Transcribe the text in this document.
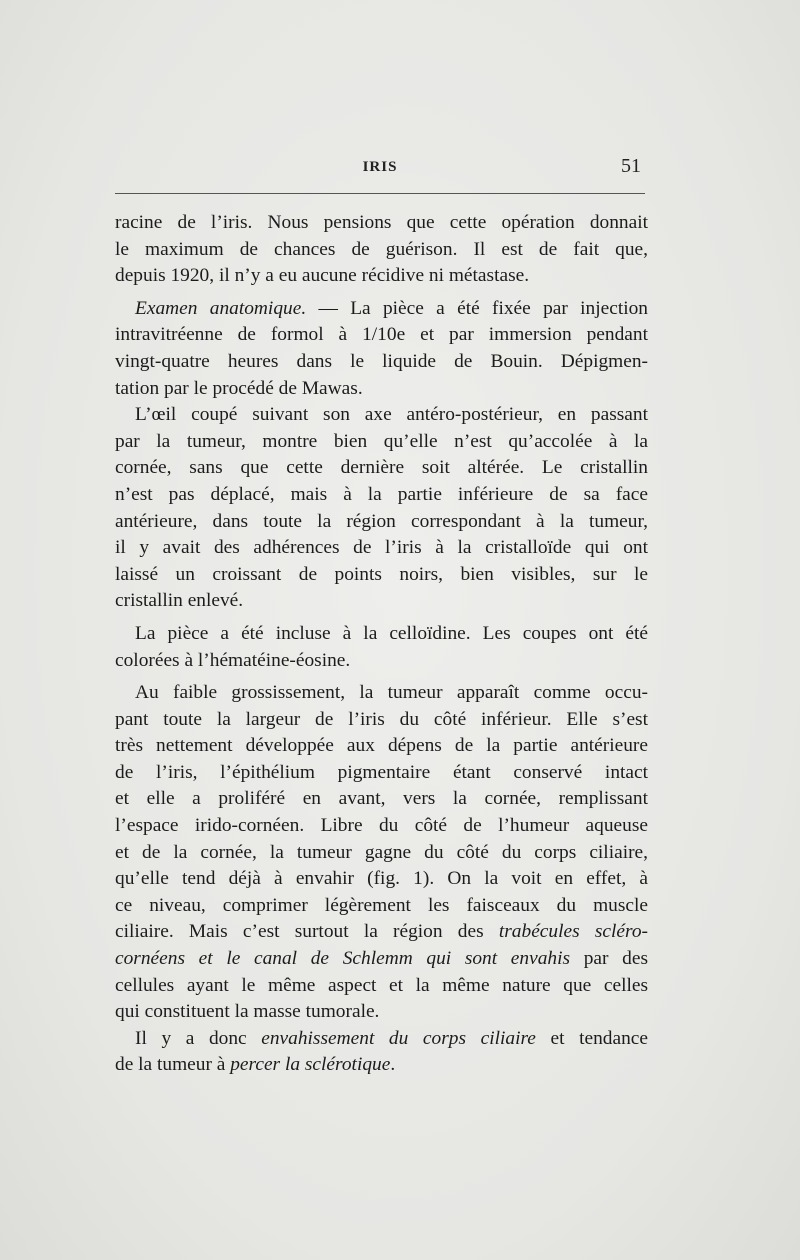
IRIS	51
racine de l’iris. Nous pensions que cette opération donnait
le maximum de chances de guérison. Il est de fait que,
depuis 1920, il n’y a eu aucune récidive ni métastase.
Examen anatomique. — La pièce a été fixée par injection
intravitréenne de formol à 1/10e et par immersion pendant
vingt-quatre heures dans le liquide de Bouin. Dépigmen-
tation par le procédé de Mawas.
L’œil coupé suivant son axe antéro-postérieur, en passant
par la tumeur, montre bien qu’elle n’est qu’accolée à la
cornée, sans que cette dernière soit altérée. Le cristallin
n’est pas déplacé, mais à la partie inférieure de sa face
antérieure, dans toute la région correspondant à la tumeur,
il y avait des adhérences de l’iris à la cristalloïde qui ont
laissé un croissant de points noirs, bien visibles, sur le
cristallin enlevé.
La pièce a été incluse à la celloïdine. Les coupes ont été
colorées à l’hématéine-éosine.
Au faible grossissement, la tumeur apparaît comme occu-
pant toute la largeur de l’iris du côté inférieur. Elle s’est
très nettement développée aux dépens de la partie antérieure
de l’iris, l’épithélium pigmentaire étant conservé intact
et elle a proliféré en avant, vers la cornée, remplissant
l’espace irido-cornéen. Libre du côté de l’humeur aqueuse
et de la cornée, la tumeur gagne du côté du corps ciliaire,
qu’elle tend déjà à envahir (fig. 1). On la voit en effet, à
ce niveau, comprimer légèrement les faisceaux du muscle
ciliaire. Mais c’est surtout la région des trabécules scléro-
cornéens et le canal de Schlemm qui sont envahis par des
cellules ayant le même aspect et la même nature que celles
qui constituent la masse tumorale.
Il y a donc envahissement du corps ciliaire et tendance
de la tumeur à percer la sclérotique.
